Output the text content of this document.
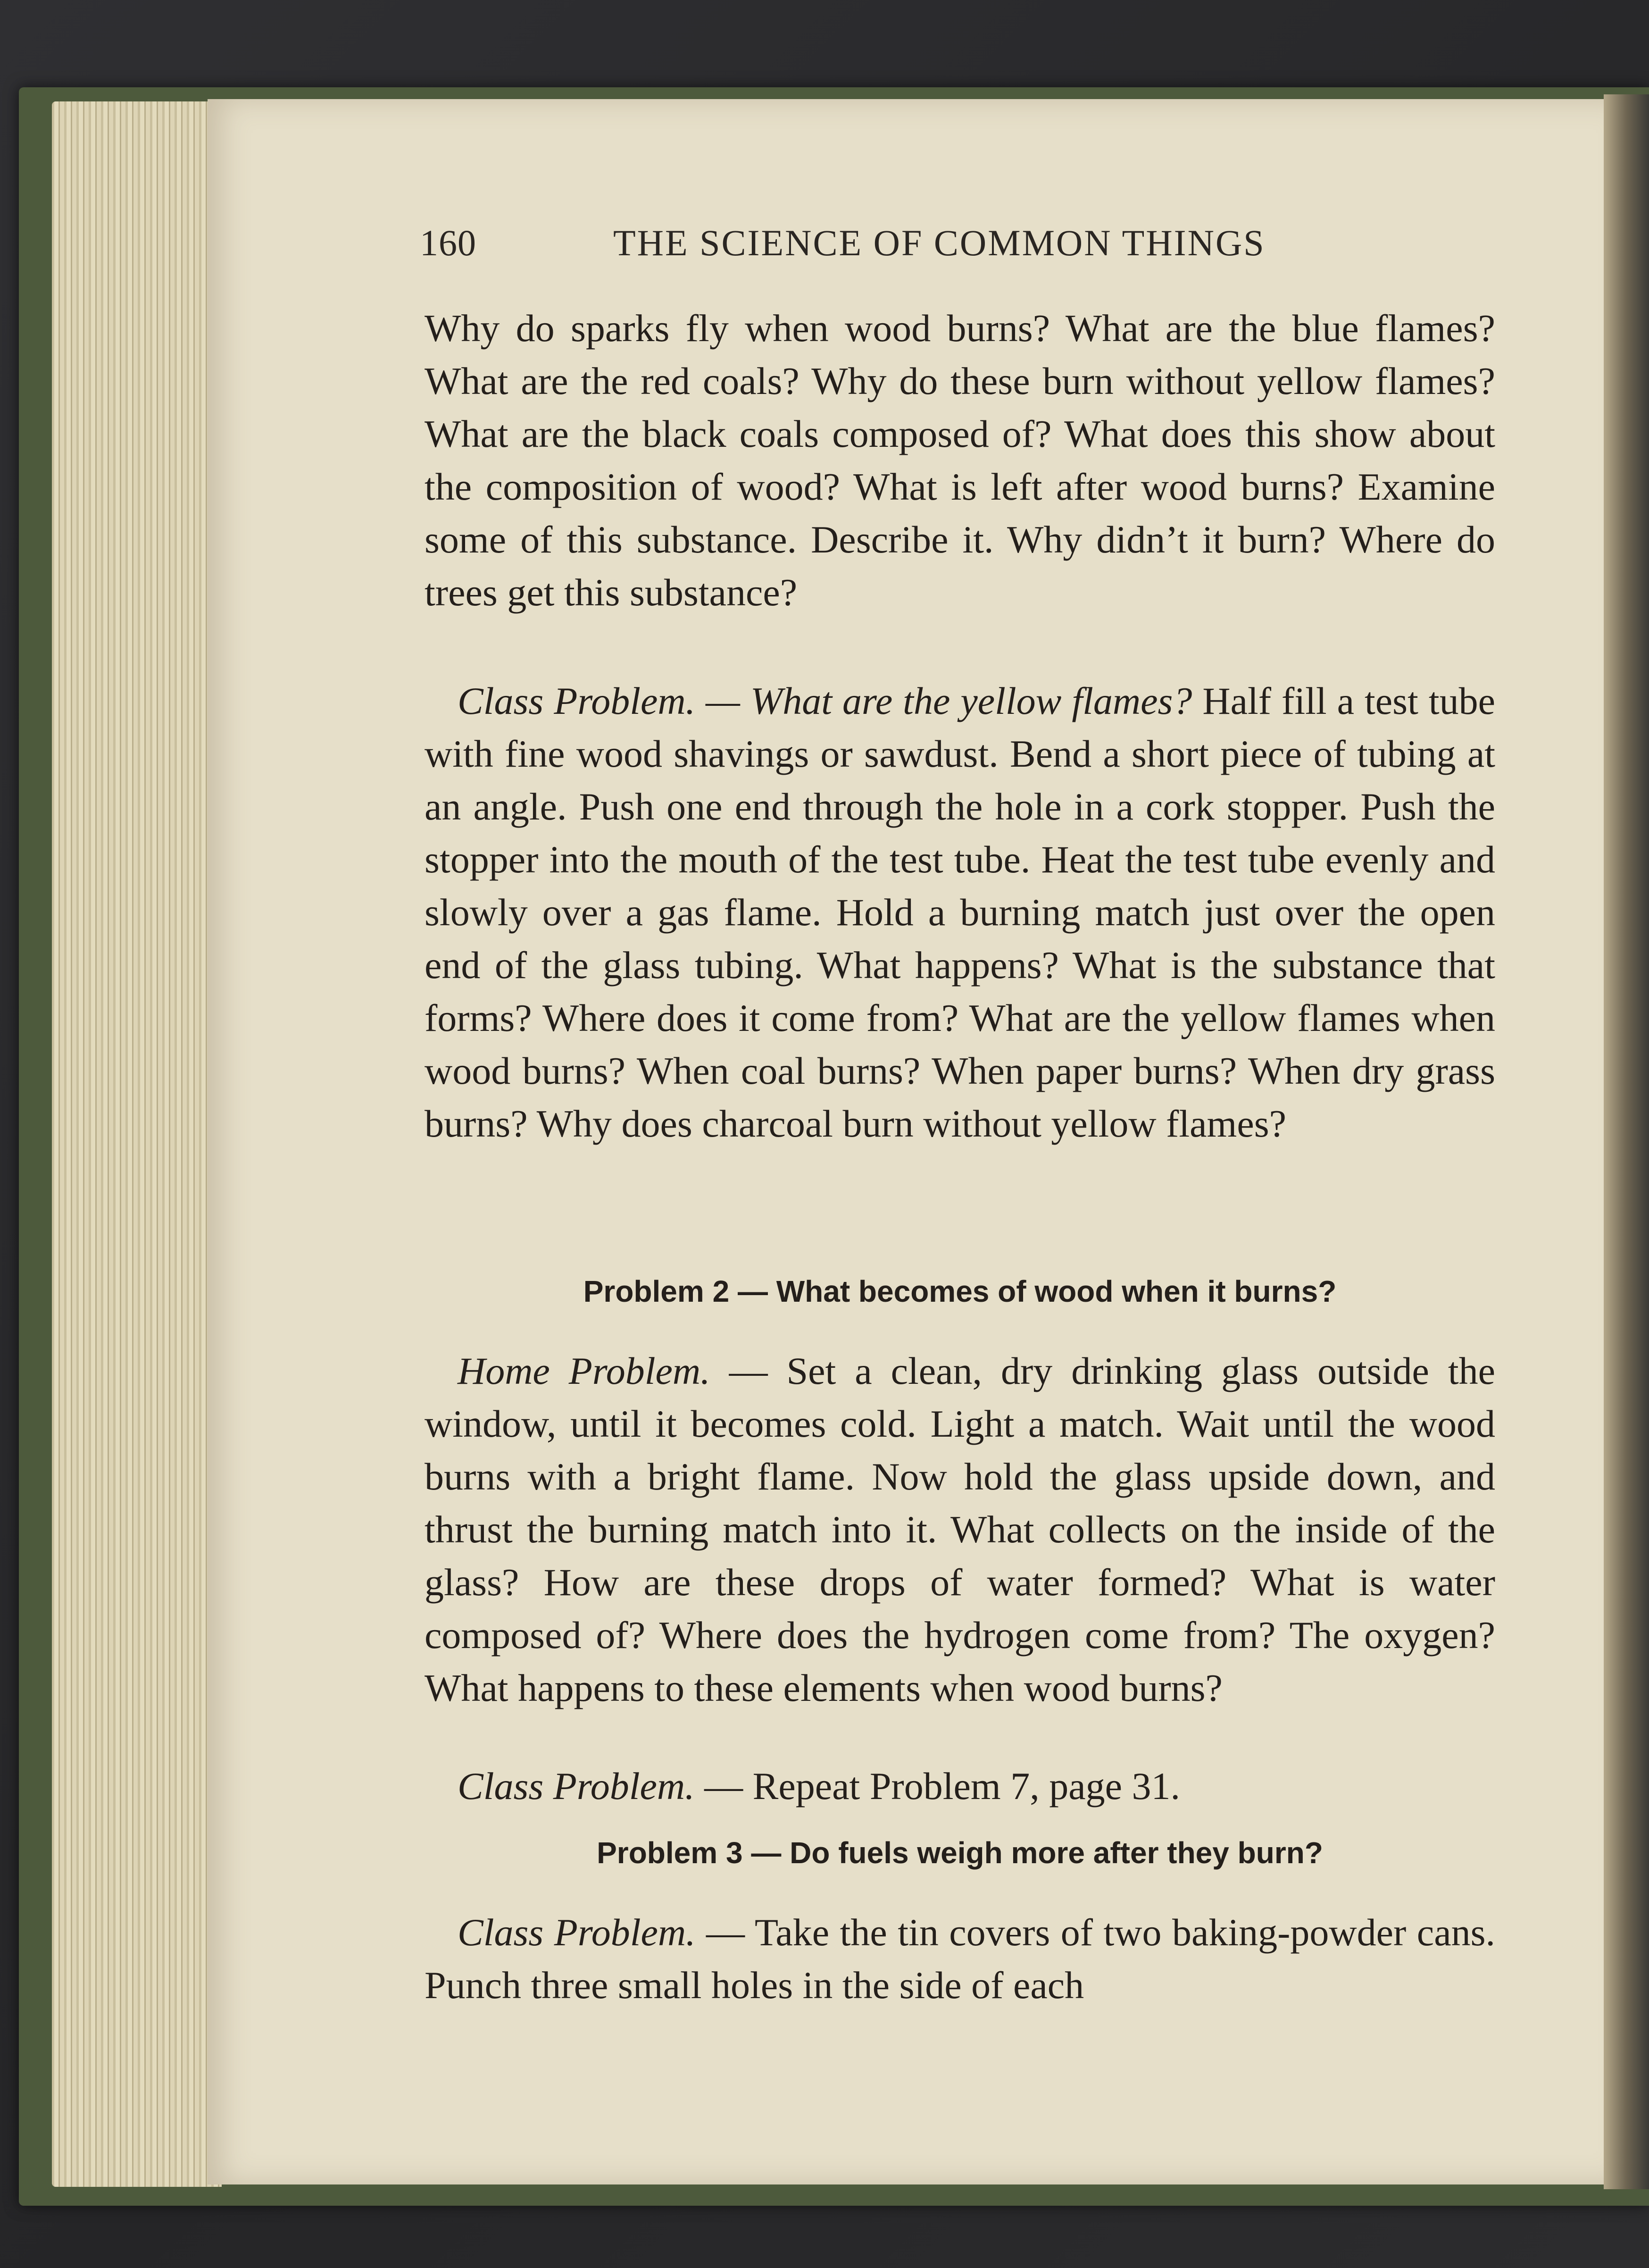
160	THE SCIENCE OF COMMON THINGS

Why do sparks fly when wood burns? What are the blue flames? What are the red coals? Why do these burn without yellow flames? What are the black coals composed of? What does this show about the composition of wood? What is left after wood burns? Examine some of this substance. Describe it. Why didn’t it burn? Where do trees get this substance?

Class Problem. — What are the yellow flames? Half fill a test tube with fine wood shavings or sawdust. Bend a short piece of tubing at an angle. Push one end through the hole in a cork stopper. Push the stopper into the mouth of the test tube. Heat the test tube evenly and slowly over a gas flame. Hold a burning match just over the open end of the glass tubing. What happens? What is the substance that forms? Where does it come from? What are the yellow flames when wood burns? When coal burns? When paper burns? When dry grass burns? Why does charcoal burn without yellow flames?

Problem 2 — What becomes of wood when it burns?

Home Problem. — Set a clean, dry drinking glass outside the window, until it becomes cold. Light a match. Wait until the wood burns with a bright flame. Now hold the glass upside down, and thrust the burning match into it. What collects on the inside of the glass? How are these drops of water formed? What is water composed of? Where does the hydrogen come from? The oxygen? What happens to these elements when wood burns?

Class Problem. — Repeat Problem 7, page 31.

Problem 3 — Do fuels weigh more after they burn?

Class Problem. — Take the tin covers of two baking-powder cans. Punch three small holes in the side of each
